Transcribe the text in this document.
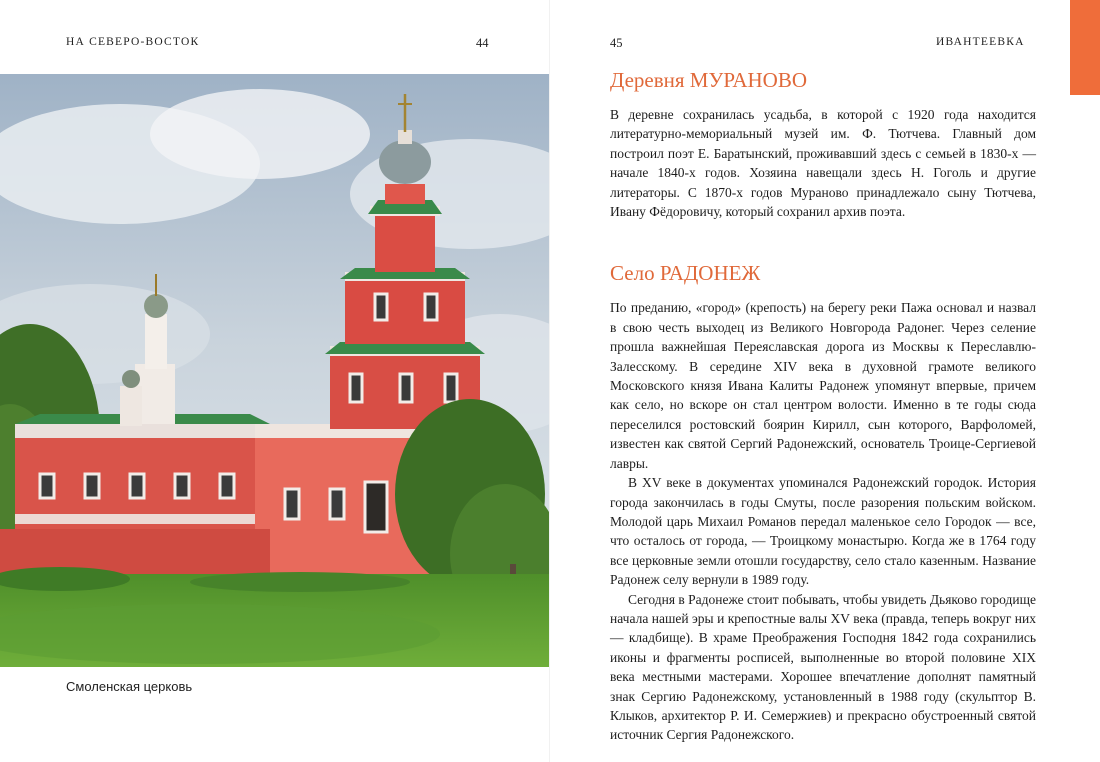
НА СЕВЕРО-ВОСТОК	44
Смоленская церковь
45	ИВАНТЕЕВКА
Деревня МУРАНОВО

В деревне сохранилась усадьба, в которой с 1920 года находится литературно-мемориальный музей им. Ф. Тютчева. Главный дом построил поэт Е. Баратынский, проживавший здесь с семьей в 1830-х — начале 1840-х годов. Хозяина навещали здесь Н. Гоголь и другие литераторы. С 1870-х годов Мураново принадлежало сыну Тютчева, Ивану Фёдоровичу, который сохранил архив поэта.

Село РАДОНЕЖ

По преданию, «город» (крепость) на берегу реки Пажа основал и назвал в свою честь выходец из Великого Новгорода Радонег. Через селение прошла важнейшая Переяславская дорога из Москвы к Переславлю-Залесскому. В середине XIV века в духовной грамоте великого Московского князя Ивана Калиты Радонеж упомянут впервые, причем как село, но вскоре он стал центром волости. Именно в те годы сюда переселился ростовский боярин Кирилл, сын которого, Варфоломей, известен как святой Сергий Радонежский, основатель Троице-Сергиевой лавры.

В XV веке в документах упоминался Радонежский городок. История города закончилась в годы Смуты, после разорения польским войском. Молодой царь Михаил Романов передал маленькое село Городок — все, что осталось от города, — Троицкому монастырю. Когда же в 1764 году все церковные земли отошли государству, село стало казенным. Название Радонеж селу вернули в 1989 году.

Сегодня в Радонеже стоит побывать, чтобы увидеть Дьяково городище начала нашей эры и крепостные валы XV века (правда, теперь вокруг них — кладбище). В храме Преображения Господня 1842 года сохранились иконы и фрагменты росписей, выполненные во второй половине XIX века местными мастерами. Хорошее впечатление дополнят памятный знак Сергию Радонежскому, установленный в 1988 году (скульптор В. Клыков, архитектор Р. И. Семержиев) и прекрасно обустроенный святой источник Сергия Радонежского.
